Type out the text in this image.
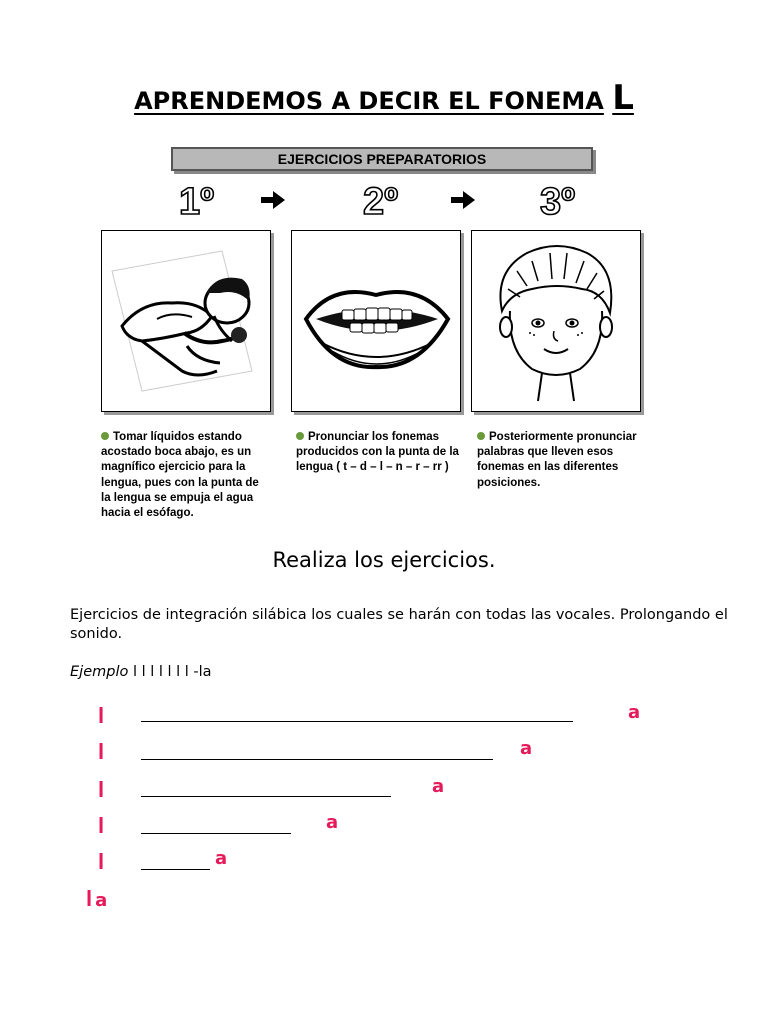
APRENDEMOS A DECIR EL FONEMA L
EJERCICIOS PREPARATORIOS
1º	2º	3º
Tomar líquidos estando acostado boca abajo, es un magnífico ejercicio para la lengua, pues con la punta de la lengua se empuja el agua hacia el esófago.
Pronunciar los fonemas producidos con la punta de la lengua ( t – d – l – n – r – rr )
Posteriormente pronunciar palabras que lleven esos fonemas en las diferentes posiciones.
Realiza los ejercicios.
Ejercicios de integración silábica los cuales se harán con todas las vocales. Prolongando el sonido.
Ejemplo l l l l l l l -la
l	a
l	a
l	a
l	a
l	a
l a
